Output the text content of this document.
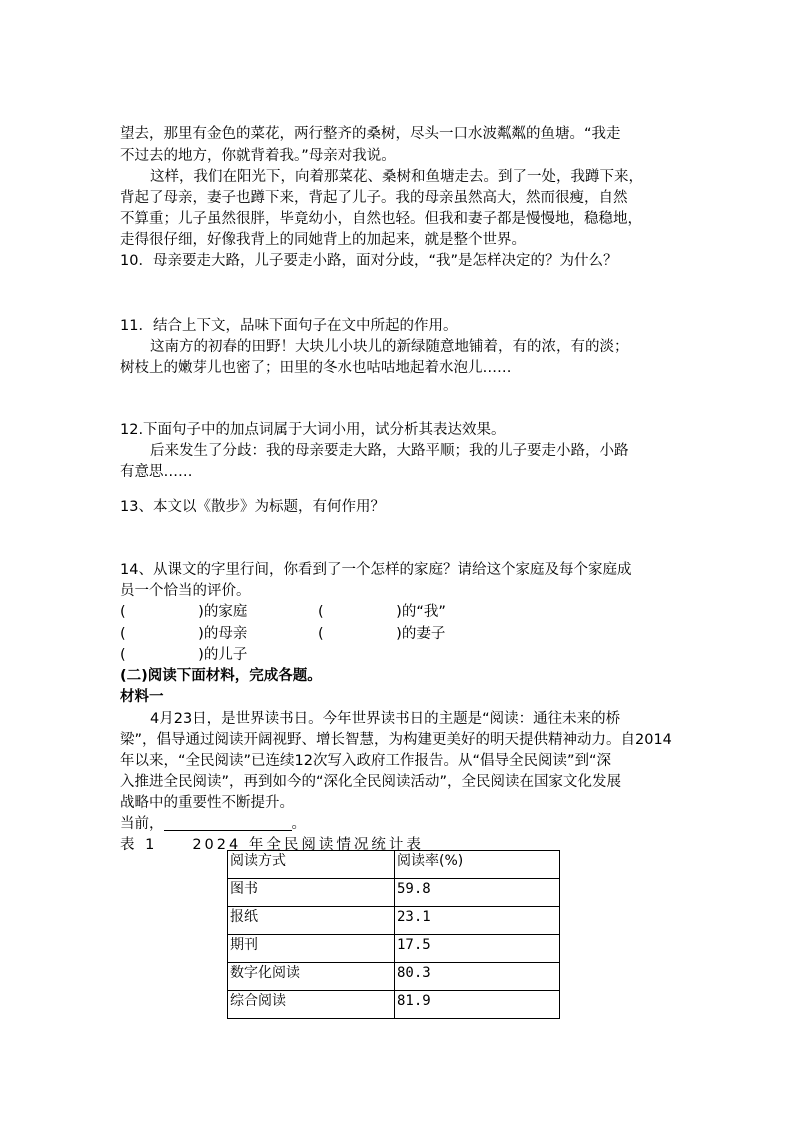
望去，那里有金色的菜花，两行整齐的桑树，尽头一口水波粼粼的鱼塘。“我走
不过去的地方，你就背着我。”母亲对我说。
这样，我们在阳光下，向着那菜花、桑树和鱼塘走去。到了一处，我蹲下来，
背起了母亲，妻子也蹲下来，背起了儿子。我的母亲虽然高大，然而很瘦，自然
不算重；儿子虽然很胖，毕竟幼小，自然也轻。但我和妻子都是慢慢地，稳稳地，
走得很仔细，好像我背上的同她背上的加起来，就是整个世界。
10．母亲要走大路，儿子要走小路，面对分歧，“我”是怎样决定的？为什么？
11．结合上下文，品味下面句子在文中所起的作用。
这南方的初春的田野！大块儿小块儿的新绿随意地铺着，有的浓，有的淡；
树枝上的嫩芽儿也密了；田里的冬水也咕咕地起着水泡儿……
12.下面句子中的加点词属于大词小用，试分析其表达效果。
后来发生了分歧：我的母亲要走大路，大路平顺；我的儿子要走小路，小路
有意思……
13、本文以《散步》为标题，有何作用？
14、从课文的字里行间，你看到了一个怎样的家庭？请给这个家庭及每个家庭成
员一个恰当的评价。
(　　　　　)的家庭	(　　　　　)的“我”
(　　　　　)的母亲	(　　　　　)的妻子
(　　　　　)的儿子
(二)阅读下面材料，完成各题。
材料一
4月23日，是世界读书日。今年世界读书日的主题是“阅读：通往未来的桥
梁”，倡导通过阅读开阔视野、增长智慧，为构建更美好的明天提供精神动力。自2014
年以来，“全民阅读”已连续12次写入政府工作报告。从“倡导全民阅读”到“深
入推进全民阅读”，再到如今的“深化全民阅读活动”，全民阅读在国家文化发展
战略中的重要性不断提升。
当前，	。
表 1　　2024 年全民阅读情况统计表
阅读方式	阅读率(%)
图书	59.8
报纸	23.1
期刊	17.5
数字化阅读	80.3
综合阅读	81.9
